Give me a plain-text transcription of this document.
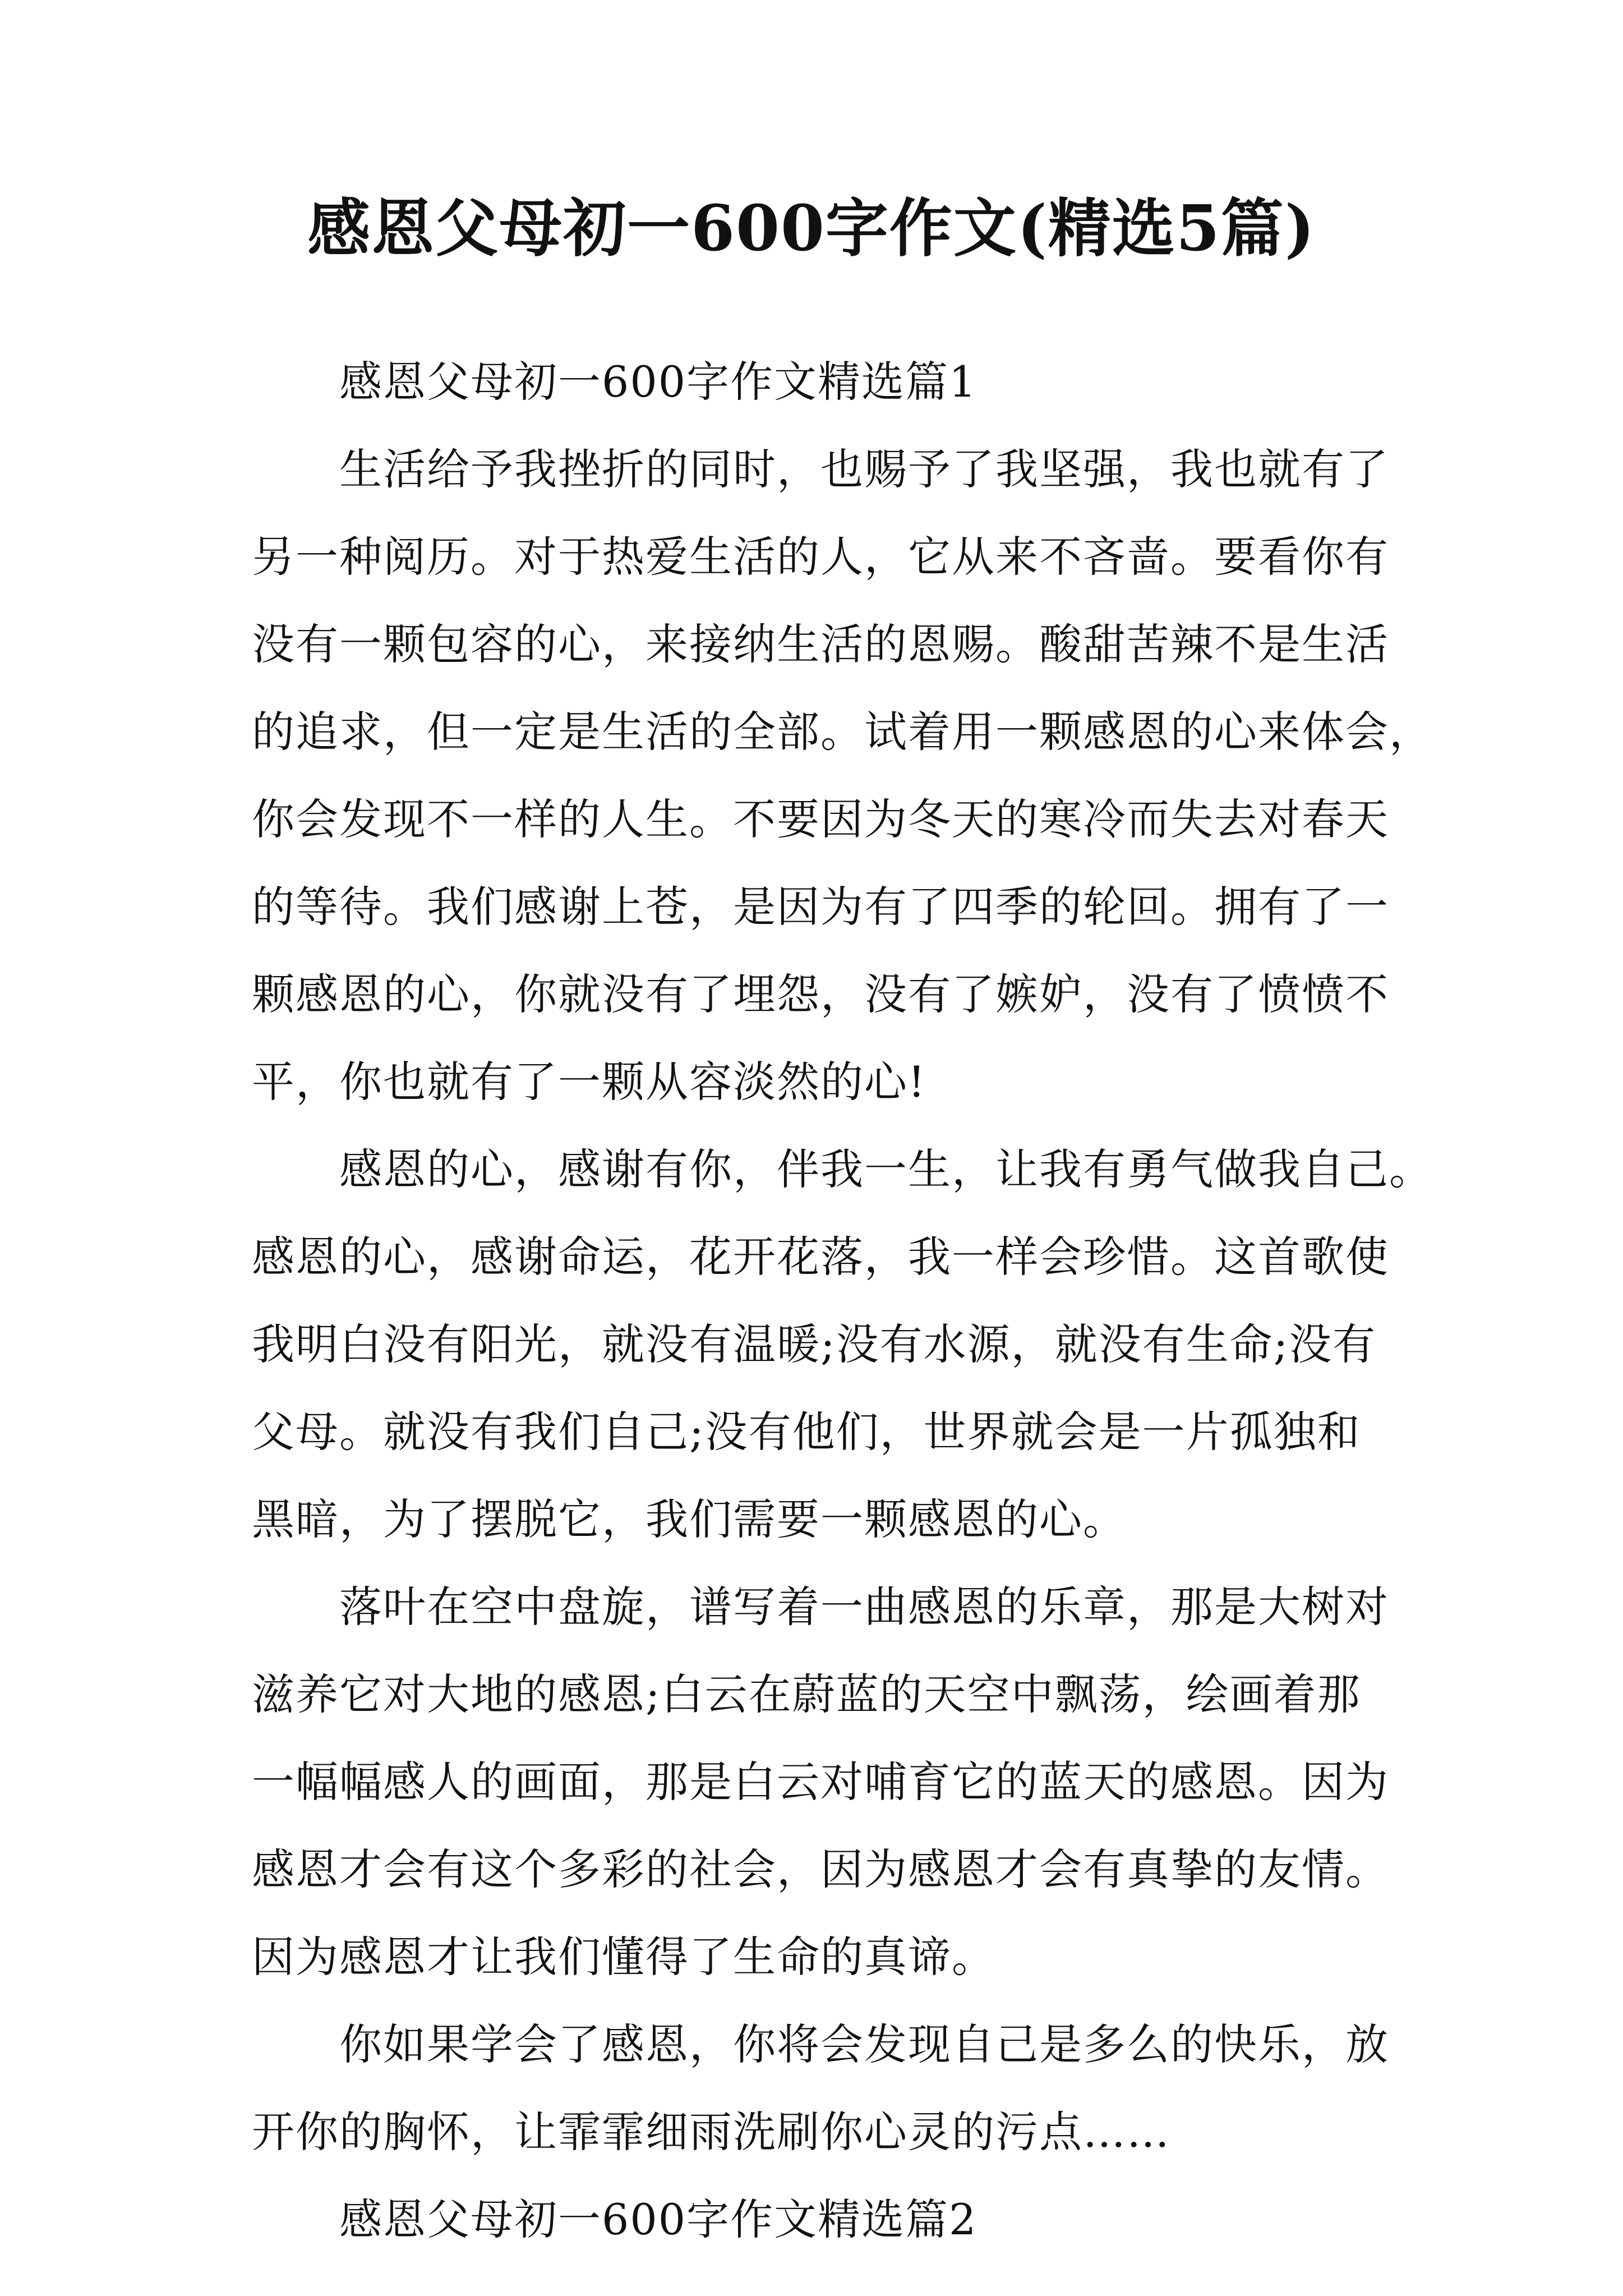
感恩父母初一600字作文(精选5篇)
感恩父母初一600字作文精选篇1
生活给予我挫折的同时，也赐予了我坚强，我也就有了
另一种阅历。对于热爱生活的人，它从来不吝啬。要看你有
没有一颗包容的心，来接纳生活的恩赐。酸甜苦辣不是生活
的追求，但一定是生活的全部。试着用一颗感恩的心来体会，
你会发现不一样的人生。不要因为冬天的寒冷而失去对春天
的等待。我们感谢上苍，是因为有了四季的轮回。拥有了一
颗感恩的心，你就没有了埋怨，没有了嫉妒，没有了愤愤不
平，你也就有了一颗从容淡然的心!
感恩的心，感谢有你，伴我一生，让我有勇气做我自己。
感恩的心，感谢命运，花开花落，我一样会珍惜。这首歌使
我明白没有阳光，就没有温暖;没有水源，就没有生命;没有
父母。就没有我们自己;没有他们，世界就会是一片孤独和
黑暗，为了摆脱它，我们需要一颗感恩的心。
落叶在空中盘旋，谱写着一曲感恩的乐章，那是大树对
滋养它对大地的感恩;白云在蔚蓝的天空中飘荡，绘画着那
一幅幅感人的画面，那是白云对哺育它的蓝天的感恩。因为
感恩才会有这个多彩的社会，因为感恩才会有真挚的友情。
因为感恩才让我们懂得了生命的真谛。
你如果学会了感恩，你将会发现自己是多么的快乐，放
开你的胸怀，让霏霏细雨洗刷你心灵的污点……
感恩父母初一600字作文精选篇2
